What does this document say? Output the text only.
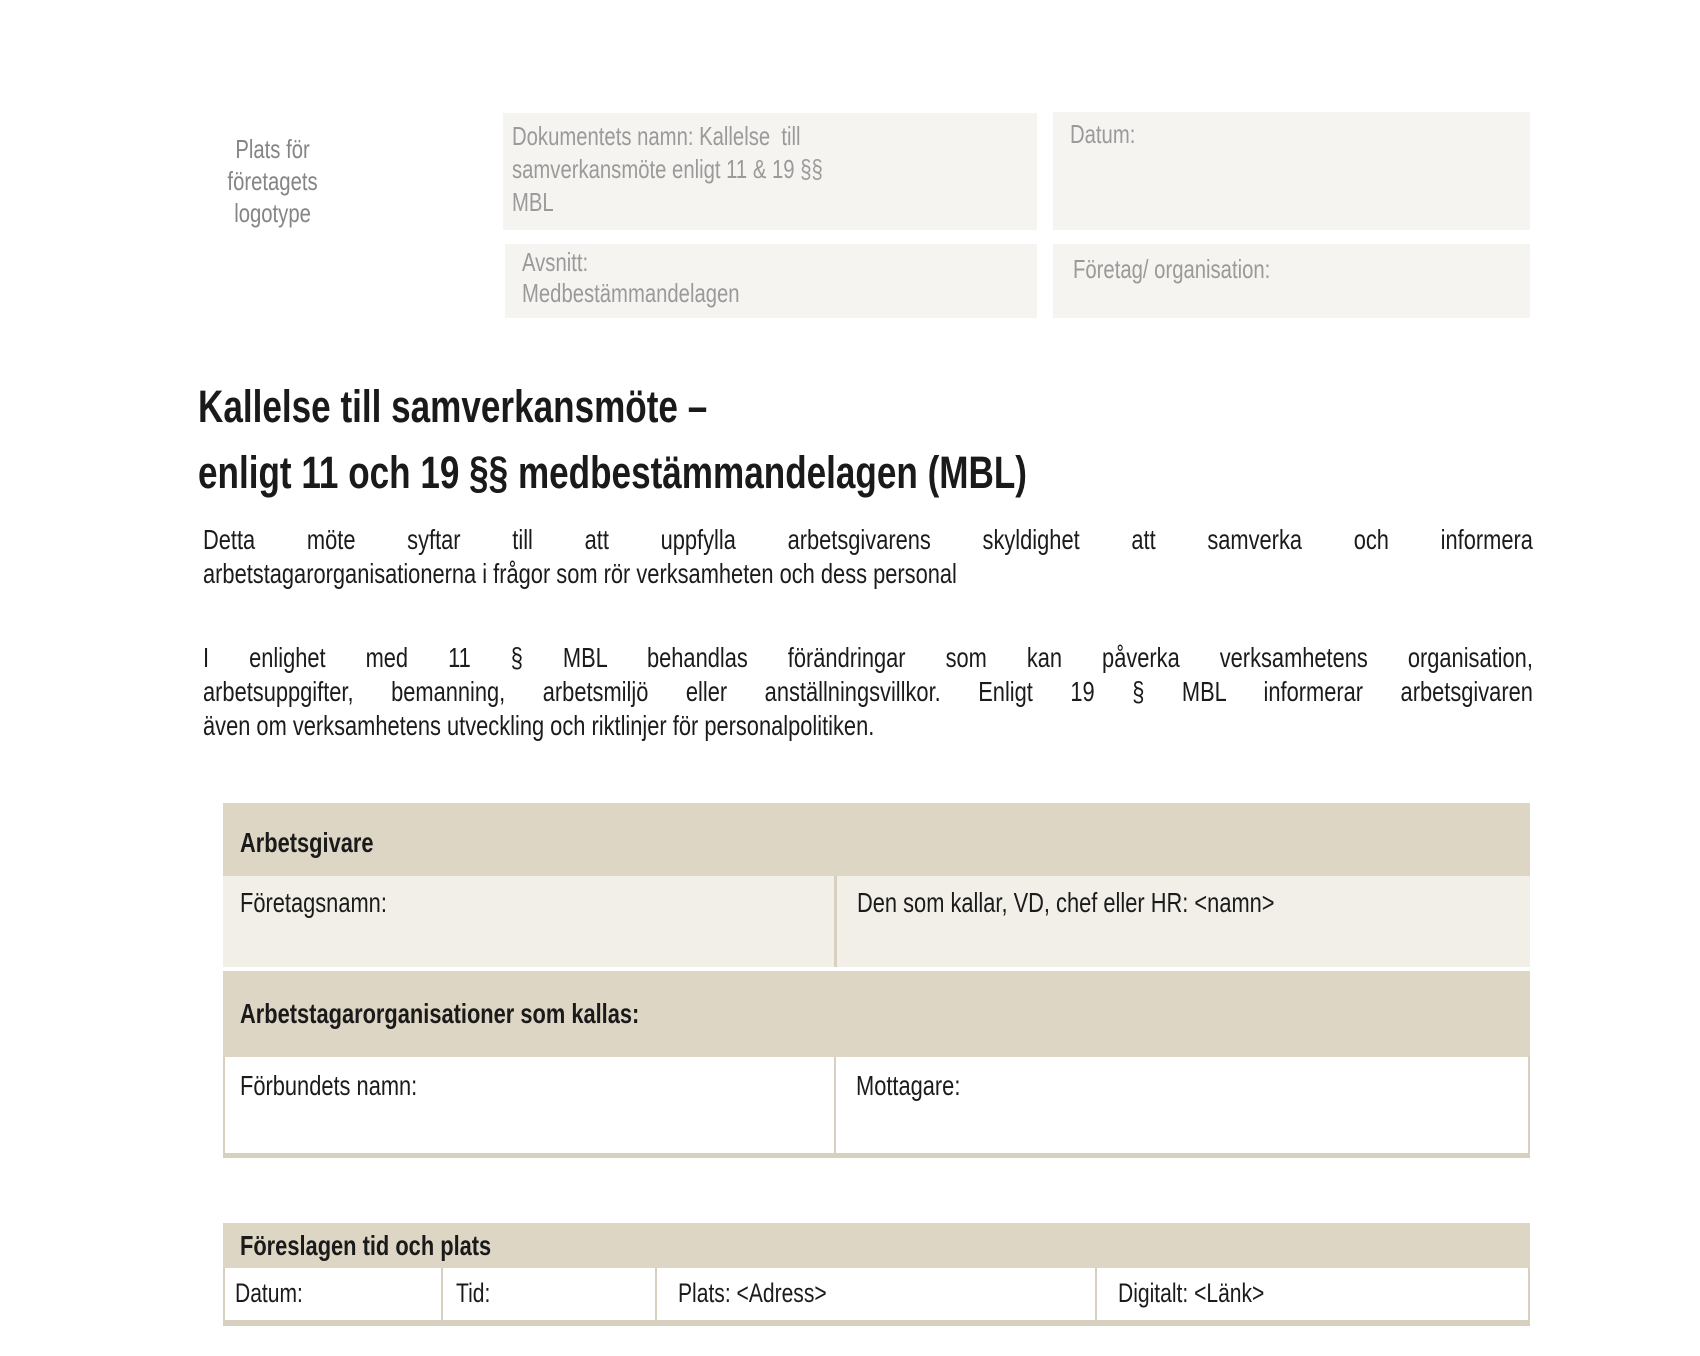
Plats för
företagets
logotype
Dokumentets namn: Kallelse  till
samverkansmöte enligt 11 & 19 §§
MBL
Datum:
Avsnitt:
Medbestämmandelagen
Företag/ organisation:
Kallelse till samverkansmöte –
enligt 11 och 19 §§ medbestämmandelagen (MBL)
Detta möte syftar till att uppfylla arbetsgivarens skyldighet att samverka och informera
arbetstagarorganisationerna i frågor som rör verksamheten och dess personal
I enlighet med 11 § MBL behandlas förändringar som kan påverka verksamhetens organisation,
arbetsuppgifter, bemanning, arbetsmiljö eller anställningsvillkor. Enligt 19 § MBL informerar arbetsgivaren
även om verksamhetens utveckling och riktlinjer för personalpolitiken.
Arbetsgivare
Företagsnamn:	Den som kallar, VD, chef eller HR: <namn>
Arbetstagarorganisationer som kallas:
Förbundets namn:	Mottagare:
Föreslagen tid och plats
Datum:	Tid:	Plats: <Adress>	Digitalt: <Länk>
